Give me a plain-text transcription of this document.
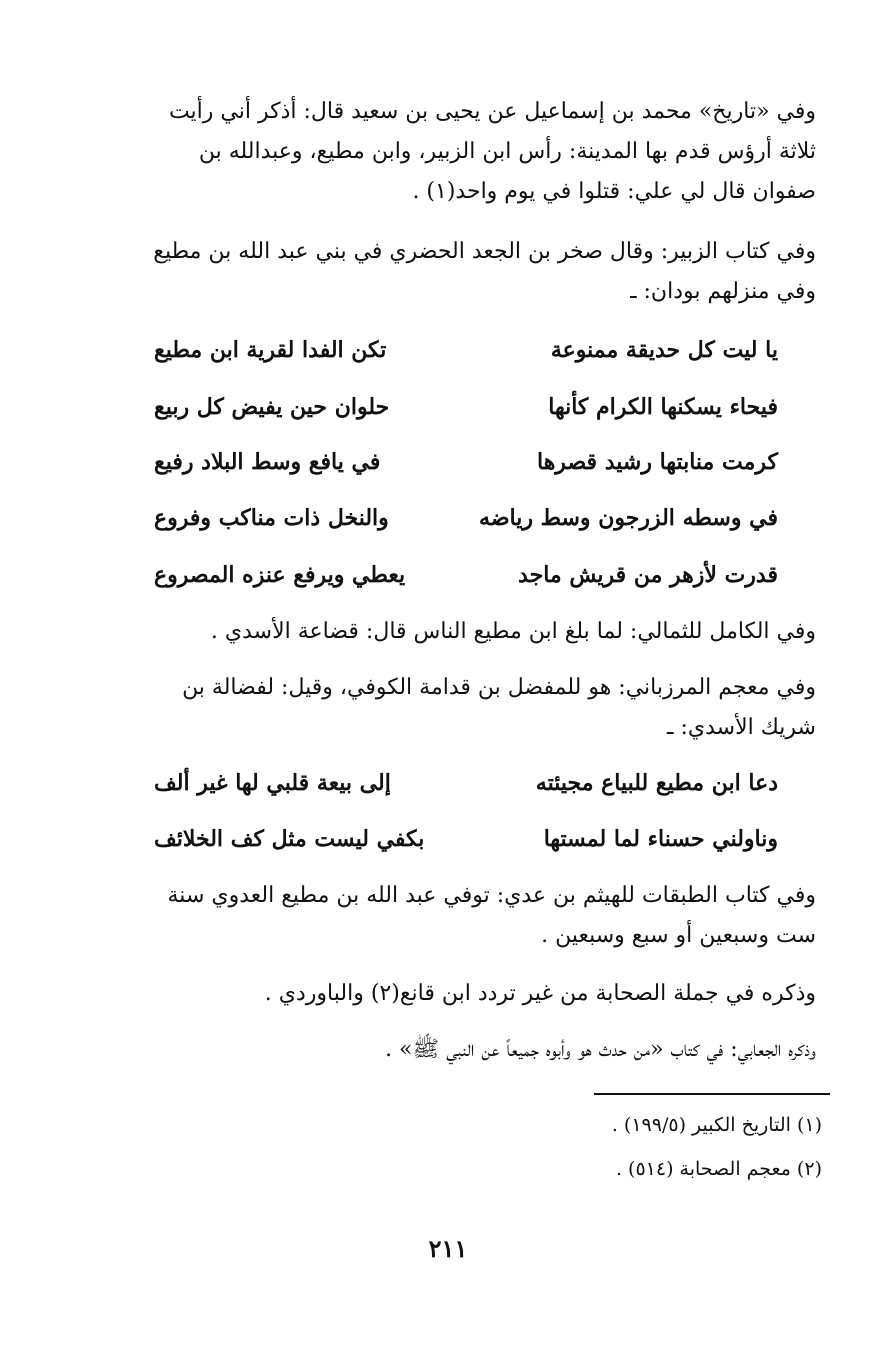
وفي «تاريخ» محمد بن إسماعيل عن يحيى بن سعيد قال: أذكر أني رأيت
ثلاثة أرؤس قدم بها المدينة: رأس ابن الزبير، وابن مطيع، وعبدالله بن
صفوان قال لي علي: قتلوا في يوم واحد(١) .

وفي كتاب الزبير: وقال صخر بن الجعد الحضري في بني عبد الله بن مطيع
وفي منزلهم بودان: ـ

يا ليت كل حديقة ممنوعة
تكن الفدا لقرية ابن مطيع
فيحاء يسكنها الكرام كأنها
حلوان حين يفيض كل ربيع
كرمت منابتها رشيد قصرها
في يافع وسط البلاد رفيع
في وسطه الزرجون وسط رياضه
والنخل ذات مناكب وفروع
قدرت لأزهر من قريش ماجد
يعطي ويرفع عنزه المصروع

وفي الكامل للثمالي: لما بلغ ابن مطيع الناس قال: قضاعة الأسدي .

وفي معجم المرزباني: هو للمفضل بن قدامة الكوفي، وقيل: لفضالة بن
شريك الأسدي: ـ

دعا ابن مطيع للبياع مجيئته
إلى بيعة قلبي لها غير ألف
وناولني حسناء لما لمستها
بكفي ليست مثل كف الخلائف

وفي كتاب الطبقات للهيثم بن عدي: توفي عبد الله بن مطيع العدوي سنة
ست وسبعين أو سبع وسبعين .

وذكره في جملة الصحابة من غير تردد ابن قانع(٢) والباوردي .

وذكره الجعابي: في كتاب «من حدث هو وأبوه جميعاً عن النبي ﷺ» .

(١) التاريخ الكبير (١٩٩/٥) .
(٢) معجم الصحابة (٥١٤) .
٢١١
